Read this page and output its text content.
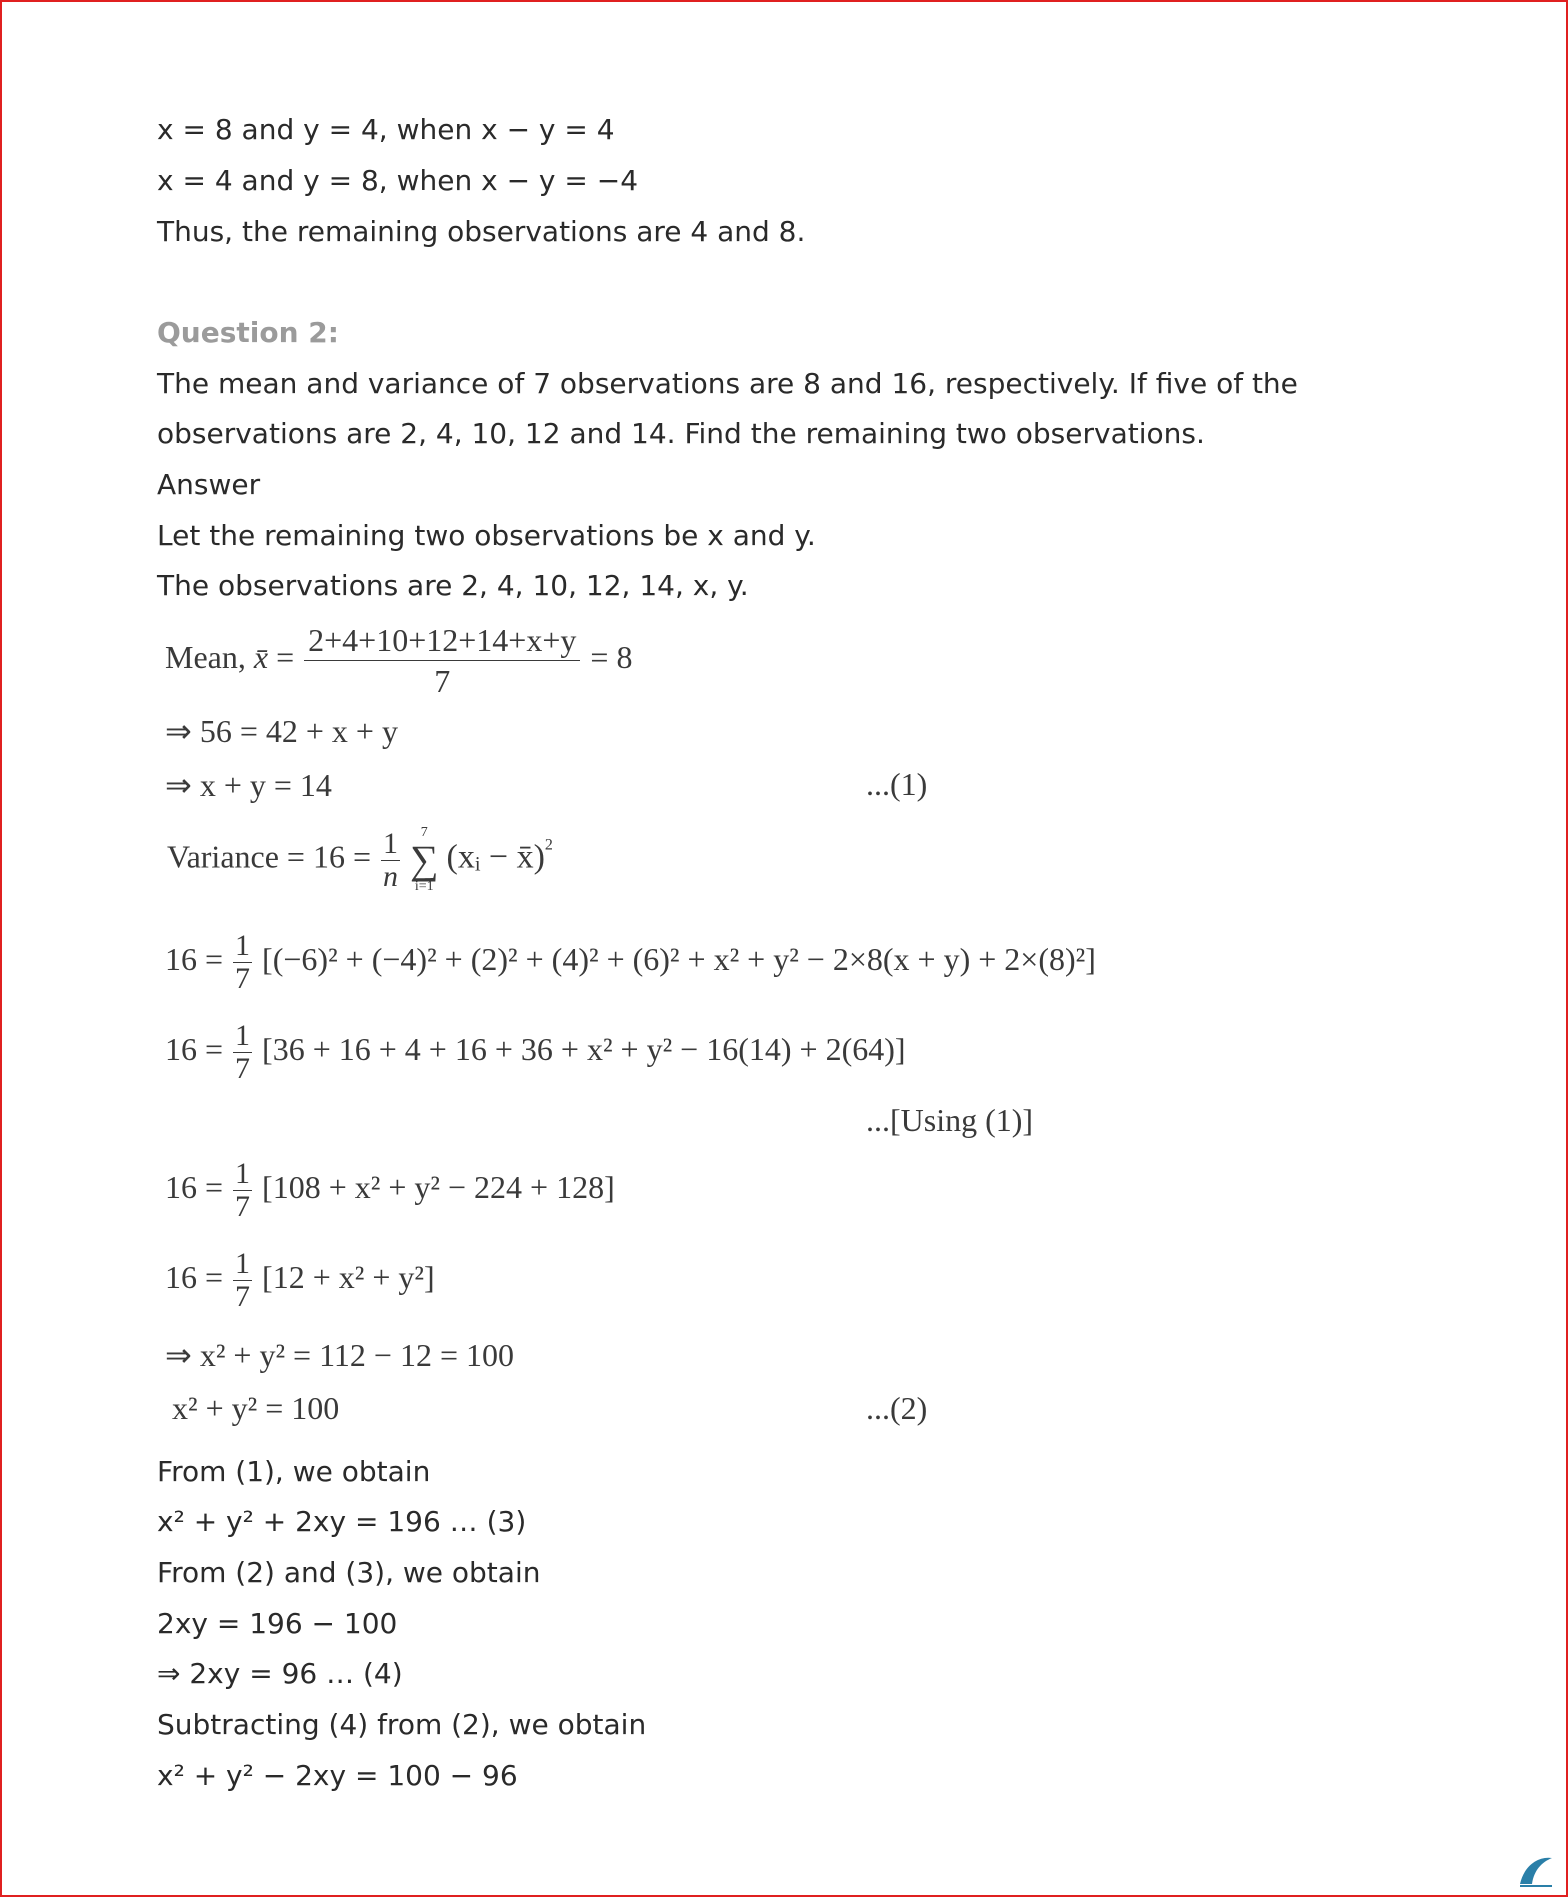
x = 8 and y = 4, when x − y = 4
x = 4 and y = 8, when x − y = −4
Thus, the remaining observations are 4 and 8.
Question 2:
The mean and variance of 7 observations are 8 and 16, respectively. If five of the
observations are 2, 4, 10, 12 and 14. Find the remaining two observations.
Answer
Let the remaining two observations be x and y.
The observations are 2, 4, 10, 12, 14, x, y.
Mean, x̄ = $\frac{2+4+10+12+14+x+y}{7} = 8$
⇒ 56 = 42 + x + y
⇒ x + y = 14	...(1)
Variance = $16 = \frac{1}{n}$
	7
∑
i=1
(xᵢ − x̄)$^2$
$16 = \frac{1}{7} [(-6)^2 + (-4)^2 + (2)^2 + (4)^2 + (6)^2 + x^2 + y^2 - 2\times 8(x + y) + 2\times(8)^2]$
$16 = \frac{1}{7} [36 + 16 + 4 + 16 + 36 + x^2 + y^2 - 16(14) + 2(64)]$
...[Using (1)]
$16 = \frac{1}{7} [108 + x^2 + y^2 - 224 + 128]$
$16 = \frac{1}{7} [12 + x^2 + y^2]$
⇒ x² + y² = 112 − 12 = 100
x² + y² = 100	...(2)
From (1), we obtain
x² + y² + 2xy = 196 … (3)
From (2) and (3), we obtain
2xy = 196 − 100
⇒ 2xy = 96 … (4)
Subtracting (4) from (2), we obtain
x² + y² − 2xy = 100 − 96
